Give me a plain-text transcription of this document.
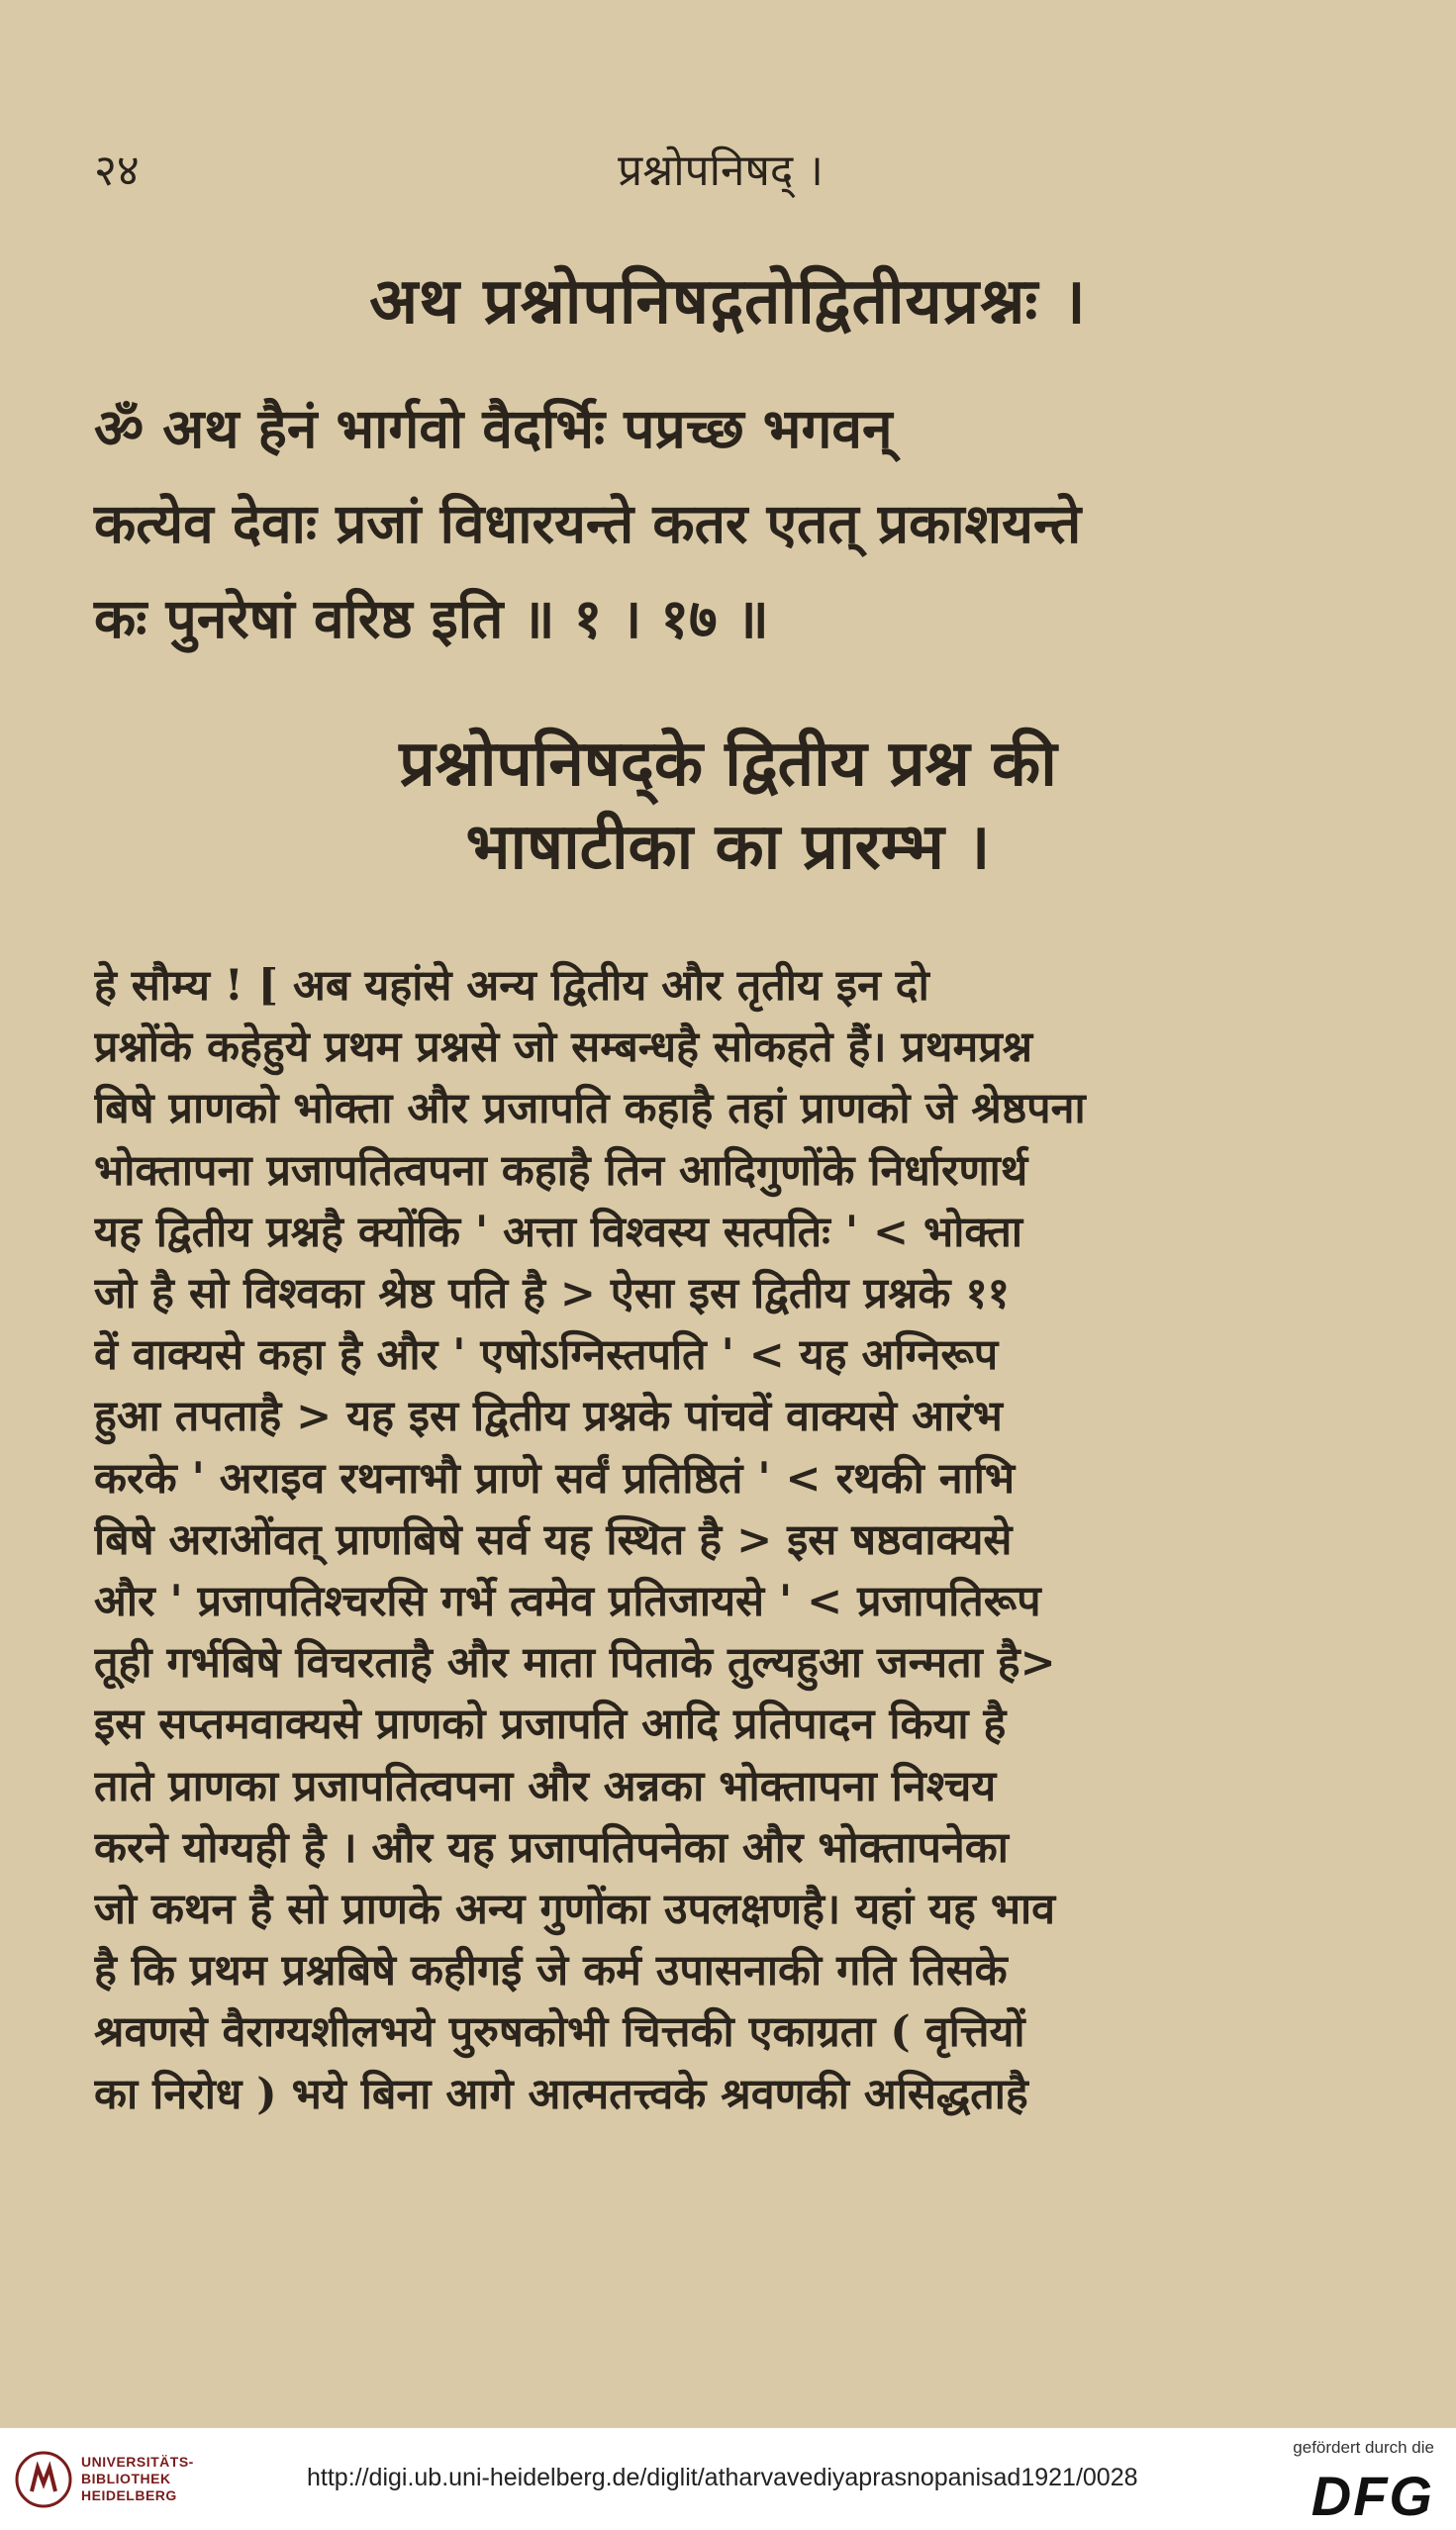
२४	प्रश्नोपनिषद् ।
अथ प्रश्नोपनिषद्गतोद्वितीयप्रश्नः ।
ॐ अथ हैनं भार्गवो वैदर्भिः पप्रच्छ भगवन्
कत्येव देवाः प्रजां विधारयन्ते कतर एतत् प्रकाशयन्ते
कः पुनरेषां वरिष्ठ इति ॥ १ । १७ ॥
प्रश्नोपनिषद्के द्वितीय प्रश्न की
भाषाटीका का प्रारम्भ ।
हे सौम्य ! [ अब यहांसे अन्य द्वितीय और तृतीय इन दो
प्रश्नोंके कहेहुये प्रथम प्रश्नसे जो सम्बन्धहै सोकहते हैं। प्रथमप्रश्न
बिषे प्राणको भोक्ता और प्रजापति कहाहै तहां प्राणको जे श्रेष्ठपना
भोक्तापना प्रजापतित्वपना कहाहै तिन आदिगुणोंके निर्धारणार्थ
यह द्वितीय प्रश्नहै क्योंकि ' अत्ता विश्वस्य सत्पतिः ' < भोक्ता
जो है सो विश्वका श्रेष्ठ पति है > ऐसा इस द्वितीय प्रश्नके ११
वें वाक्यसे कहा है और ' एषोऽग्निस्तपति ' < यह अग्निरूप
हुआ तपताहै > यह इस द्वितीय प्रश्नके पांचवें वाक्यसे आरंभ
करके ' अराइव रथनाभौ प्राणे सर्वं प्रतिष्ठितं ' < रथकी नाभि
बिषे अराओंवत् प्राणबिषे सर्व यह स्थित है > इस षष्ठवाक्यसे
और ' प्रजापतिश्चरसि गर्भे त्वमेव प्रतिजायसे ' < प्रजापतिरूप
तूही गर्भबिषे विचरताहै और माता पिताके तुल्यहुआ जन्मता है>
इस सप्तमवाक्यसे प्राणको प्रजापति आदि प्रतिपादन किया है
ताते प्राणका प्रजापतित्वपना और अन्नका भोक्तापना निश्चय
करने योग्यही है । और यह प्रजापतिपनेका और भोक्तापनेका
जो कथन है सो प्राणके अन्य गुणोंका उपलक्षणहै। यहां यह भाव
है कि प्रथम प्रश्नबिषे कहीगई जे कर्म उपासनाकी गति तिसके
श्रवणसे वैराग्यशीलभये पुरुषकोभी चित्तकी एकाग्रता ( वृत्तियों
का निरोध ) भये बिना आगे आत्मतत्त्वके श्रवणकी असिद्धताहै
UNIVERSITÄTS-
BIBLIOTHEK
HEIDELBERG
http://digi.ub.uni-heidelberg.de/diglit/atharvavediyaprasnopanisad1921/0028
gefördert durch die
DFG
